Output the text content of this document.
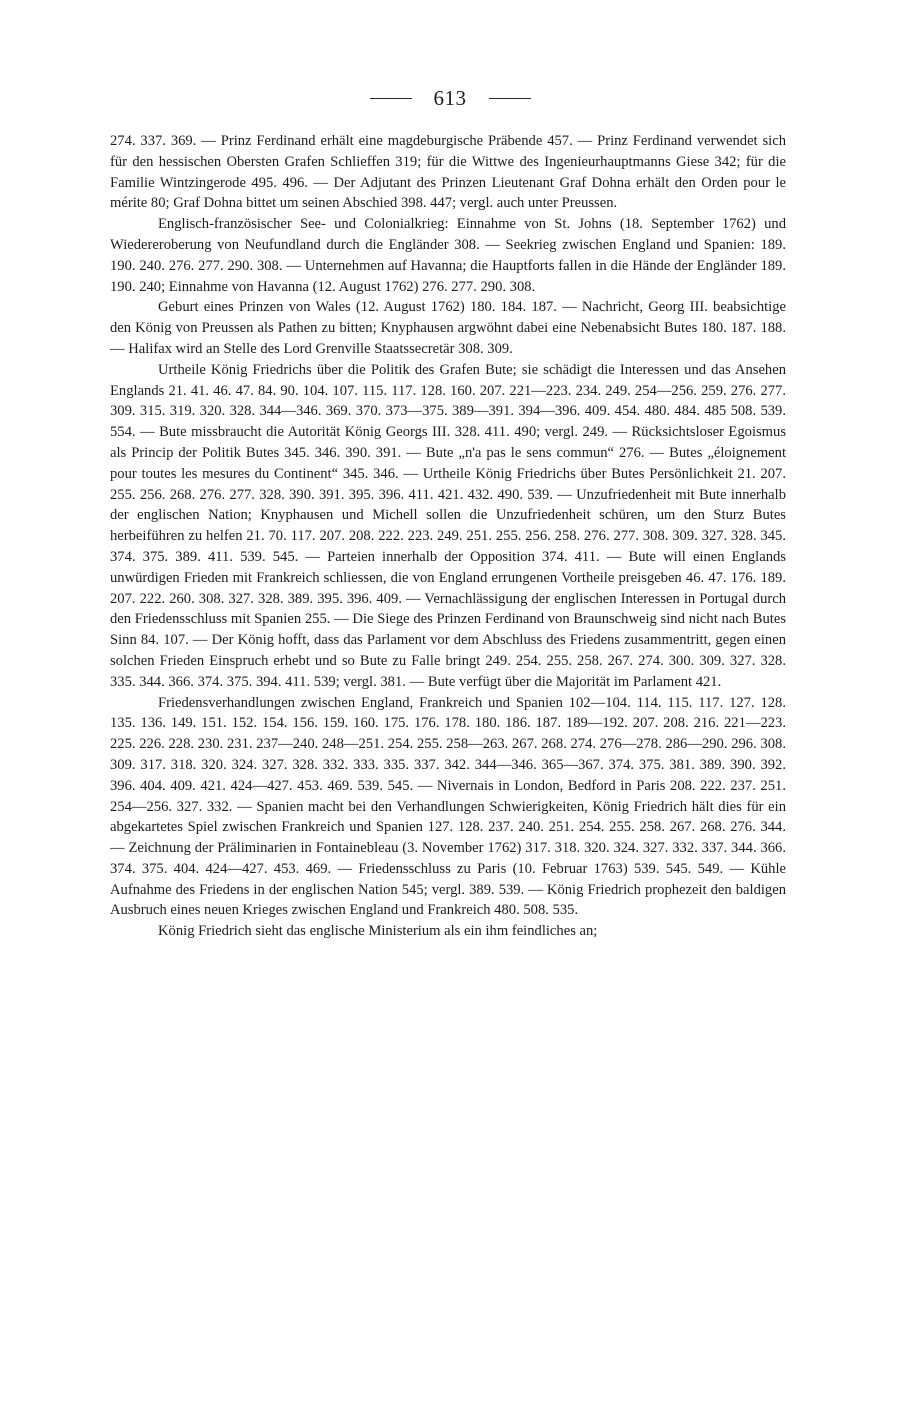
613

274. 337. 369. — Prinz Ferdinand erhält eine magdeburgische Präbende 457. — Prinz Ferdinand verwendet sich für den hessischen Obersten Grafen Schlieffen 319; für die Wittwe des Ingenieurhauptmanns Giese 342; für die Familie Wintzingerode 495. 496. — Der Adjutant des Prinzen Lieutenant Graf Dohna erhält den Orden pour le mérite 80; Graf Dohna bittet um seinen Abschied 398. 447; vergl. auch unter Preussen.

Englisch-französischer See- und Colonialkrieg: Einnahme von St. Johns (18. September 1762) und Wiedereroberung von Neufundland durch die Engländer 308. — Seekrieg zwischen England und Spanien: 189. 190. 240. 276. 277. 290. 308. — Unternehmen auf Havanna; die Hauptforts fallen in die Hände der Engländer 189. 190. 240; Einnahme von Havanna (12. August 1762) 276. 277. 290. 308.

Geburt eines Prinzen von Wales (12. August 1762) 180. 184. 187. — Nachricht, Georg III. beabsichtige den König von Preussen als Pathen zu bitten; Knyphausen argwöhnt dabei eine Nebenabsicht Butes 180. 187. 188. — Halifax wird an Stelle des Lord Grenville Staatssecretär 308. 309.

Urtheile König Friedrichs über die Politik des Grafen Bute; sie schädigt die Interessen und das Ansehen Englands 21. 41. 46. 47. 84. 90. 104. 107. 115. 117. 128. 160. 207. 221—223. 234. 249. 254—256. 259. 276. 277. 309. 315. 319. 320. 328. 344—346. 369. 370. 373—375. 389—391. 394—396. 409. 454. 480. 484. 485 508. 539. 554. — Bute missbraucht die Autorität König Georgs III. 328. 411. 490; vergl. 249. — Rücksichtsloser Egoismus als Princip der Politik Butes 345. 346. 390. 391. — Bute „n'a pas le sens commun“ 276. — Butes „éloignement pour toutes les mesures du Continent“ 345. 346. — Urtheile König Friedrichs über Butes Persönlichkeit 21. 207. 255. 256. 268. 276. 277. 328. 390. 391. 395. 396. 411. 421. 432. 490. 539. — Unzufriedenheit mit Bute innerhalb der englischen Nation; Knyphausen und Michell sollen die Unzufriedenheit schüren, um den Sturz Butes herbeiführen zu helfen 21. 70. 117. 207. 208. 222. 223. 249. 251. 255. 256. 258. 276. 277. 308. 309. 327. 328. 345. 374. 375. 389. 411. 539. 545. — Parteien innerhalb der Opposition 374. 411. — Bute will einen Englands unwürdigen Frieden mit Frankreich schliessen, die von England errungenen Vortheile preisgeben 46. 47. 176. 189. 207. 222. 260. 308. 327. 328. 389. 395. 396. 409. — Vernachlässigung der englischen Interessen in Portugal durch den Friedensschluss mit Spanien 255. — Die Siege des Prinzen Ferdinand von Braunschweig sind nicht nach Butes Sinn 84. 107. — Der König hofft, dass das Parlament vor dem Abschluss des Friedens zusammentritt, gegen einen solchen Frieden Einspruch erhebt und so Bute zu Falle bringt 249. 254. 255. 258. 267. 274. 300. 309. 327. 328. 335. 344. 366. 374. 375. 394. 411. 539; vergl. 381. — Bute verfügt über die Majorität im Parlament 421.

Friedensverhandlungen zwischen England, Frankreich und Spanien 102—104. 114. 115. 117. 127. 128. 135. 136. 149. 151. 152. 154. 156. 159. 160. 175. 176. 178. 180. 186. 187. 189—192. 207. 208. 216. 221—223. 225. 226. 228. 230. 231. 237—240. 248—251. 254. 255. 258—263. 267. 268. 274. 276—278. 286—290. 296. 308. 309. 317. 318. 320. 324. 327. 328. 332. 333. 335. 337. 342. 344—346. 365—367. 374. 375. 381. 389. 390. 392. 396. 404. 409. 421. 424—427. 453. 469. 539. 545. — Nivernais in London, Bedford in Paris 208. 222. 237. 251. 254—256. 327. 332. — Spanien macht bei den Verhandlungen Schwierigkeiten, König Friedrich hält dies für ein abgekartetes Spiel zwischen Frankreich und Spanien 127. 128. 237. 240. 251. 254. 255. 258. 267. 268. 276. 344. — Zeichnung der Präliminarien in Fontainebleau (3. November 1762) 317. 318. 320. 324. 327. 332. 337. 344. 366. 374. 375. 404. 424—427. 453. 469. — Friedensschluss zu Paris (10. Februar 1763) 539. 545. 549. — Kühle Aufnahme des Friedens in der englischen Nation 545; vergl. 389. 539. — König Friedrich prophezeit den baldigen Ausbruch eines neuen Krieges zwischen England und Frankreich 480. 508. 535.

König Friedrich sieht das englische Ministerium als ein ihm feindliches an;
